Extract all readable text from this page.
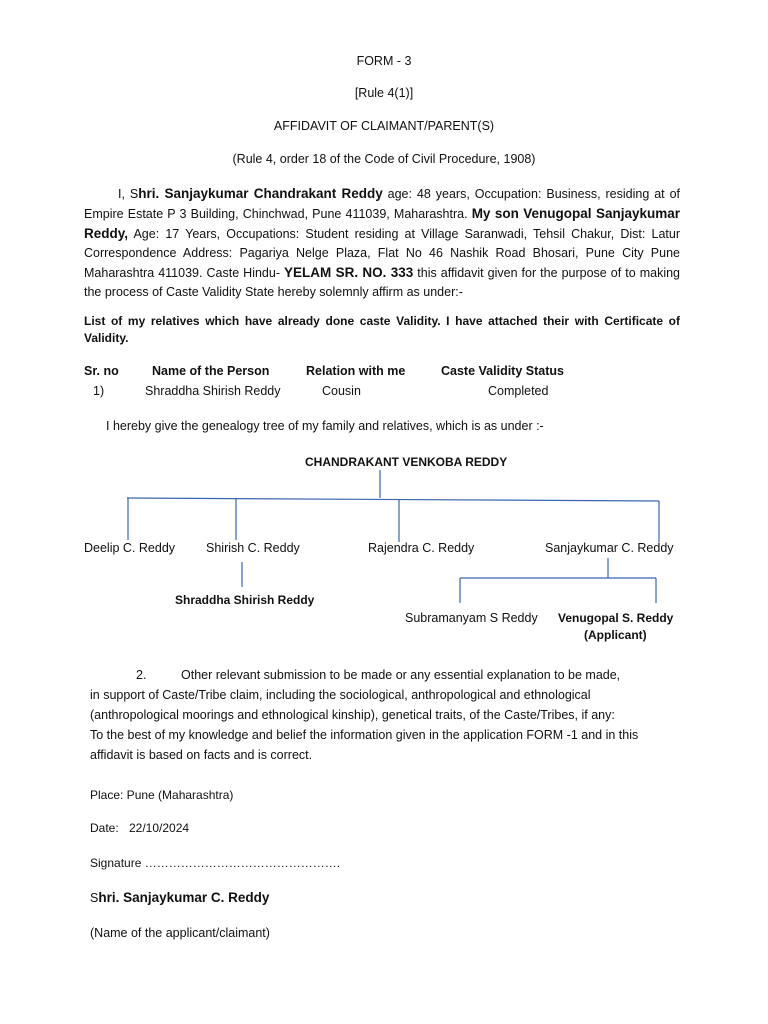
FORM - 3
[Rule 4(1)]
AFFIDAVIT OF CLAIMANT/PARENT(S)
(Rule 4, order 18 of the Code of Civil Procedure, 1908)
I, Shri. Sanjaykumar Chandrakant Reddy age: 48 years, Occupation: Business, residing at of Empire Estate P 3 Building, Chinchwad, Pune 411039, Maharashtra. My son Venugopal Sanjaykumar Reddy, Age: 17 Years, Occupations: Student residing at Village Saranwadi, Tehsil Chakur, Dist: Latur Correspondence Address: Pagariya Nelge Plaza, Flat No 46 Nashik Road Bhosari, Pune City Pune Maharashtra 411039. Caste Hindu- YELAM SR. NO. 333 this affidavit given for the purpose of to making the process of Caste Validity State hereby solemnly affirm as under:-
List of my relatives which have already done caste Validity. I have attached their with Certificate of Validity.
Sr. no	Name of the Person	Relation with me	Caste Validity Status
1)	Shraddha Shirish Reddy	Cousin	Completed
I hereby give the genealogy tree of my family and relatives, which is as under :-
CHANDRAKANT VENKOBA REDDY
Deelip C. Reddy Shirish C. Reddy	Rajendra C. Reddy	Sanjaykumar C. Reddy
Shraddha Shirish Reddy
Subramanyam S Reddy Venugopal S. Reddy
(Applicant)
2.	Other relevant submission to be made or any essential explanation to be made,
in support of Caste/Tribe claim, including the sociological, anthropological and ethnological
(anthropological moorings and ethnological kinship), genetical traits, of the Caste/Tribes, if any:
To the best of my knowledge and belief the information given in the application FORM -1 and in this
affidavit is based on facts and is correct.
Place: Pune (Maharashtra)
Date: 22/10/2024
Signature ………………………………………….
Shri. Sanjaykumar C. Reddy
(Name of the applicant/claimant)
